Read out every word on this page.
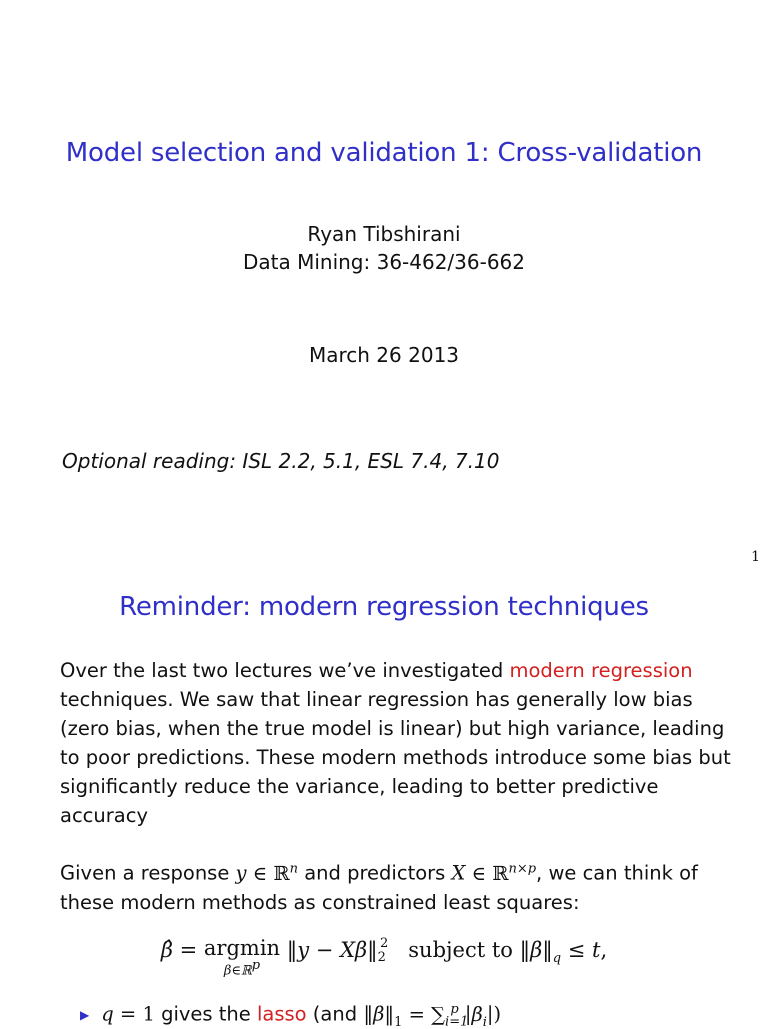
Model selection and validation 1: Cross-validation
Ryan Tibshirani
Data Mining: 36-462/36-662
March 26 2013
Optional reading: ISL 2.2, 5.1, ESL 7.4, 7.10
1
Reminder: modern regression techniques
Over the last two lectures we’ve investigated modern regression techniques. We saw that linear regression has generally low bias (zero bias, when the true model is linear) but high variance, leading to poor predictions. These modern methods introduce some bias but significantly reduce the variance, leading to better predictive accuracy
Given a response y ∈ ℝ$^n$ and predictors X ∈ ℝ$^{n\times p}$, we can think of these modern methods as constrained least squares:
β̂ = argmin
β∈ℝ$^p$
‖y − $X\beta‖_2^2$ subject to $‖\beta‖_q \le t$,
▶ q = 1 gives the lasso (and $‖\beta‖_1 = \sum_{i=1}^p$ $|\beta_i|$)
